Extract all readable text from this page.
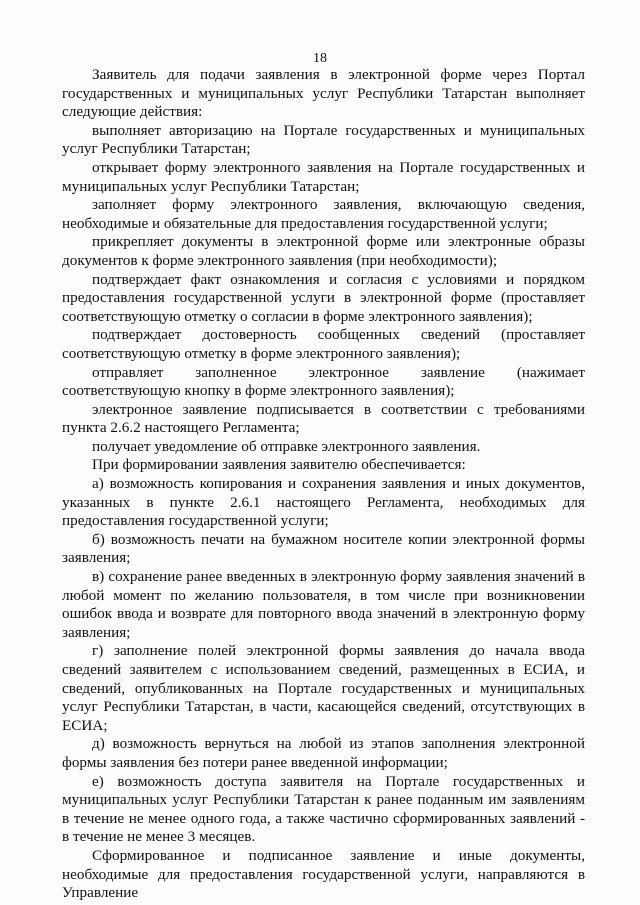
18

Заявитель для подачи заявления в электронной форме через Портал государственных и муниципальных услуг Республики Татарстан выполняет следующие действия:

выполняет авторизацию на Портале государственных и муниципальных услуг Республики Татарстан;

открывает форму электронного заявления на Портале государственных и муниципальных услуг Республики Татарстан;

заполняет форму электронного заявления, включающую сведения, необходимые и обязательные для предоставления государственной услуги;

прикрепляет документы в электронной форме или электронные образы документов к форме электронного заявления (при необходимости);

подтверждает факт ознакомления и согласия с условиями и порядком предоставления государственной услуги в электронной форме (проставляет соответствующую отметку о согласии в форме электронного заявления);

подтверждает достоверность сообщенных сведений (проставляет соответствующую отметку в форме электронного заявления);

отправляет заполненное электронное заявление (нажимает соответствующую кнопку в форме электронного заявления);

электронное заявление подписывается в соответствии с требованиями пункта 2.6.2 настоящего Регламента;

получает уведомление об отправке электронного заявления.

При формировании заявления заявителю обеспечивается:

а) возможность копирования и сохранения заявления и иных документов, указанных в пункте 2.6.1 настоящего Регламента, необходимых для предоставления государственной услуги;

б) возможность печати на бумажном носителе копии электронной формы заявления;

в) сохранение ранее введенных в электронную форму заявления значений в любой момент по желанию пользователя, в том числе при возникновении ошибок ввода и возврате для повторного ввода значений в электронную форму заявления;

г) заполнение полей электронной формы заявления до начала ввода сведений заявителем с использованием сведений, размещенных в ЕСИА, и сведений, опубликованных на Портале государственных и муниципальных услуг Республики Татарстан, в части, касающейся сведений, отсутствующих в ЕСИА;

д) возможность вернуться на любой из этапов заполнения электронной формы заявления без потери ранее введенной информации;

е) возможность доступа заявителя на Портале государственных и муниципальных услуг Республики Татарстан к ранее поданным им заявлениям в течение не менее одного года, а также частично сформированных заявлений - в течение не менее 3 месяцев.

Сформированное и подписанное заявление и иные документы, необходимые для предоставления государственной услуги, направляются в Управление
